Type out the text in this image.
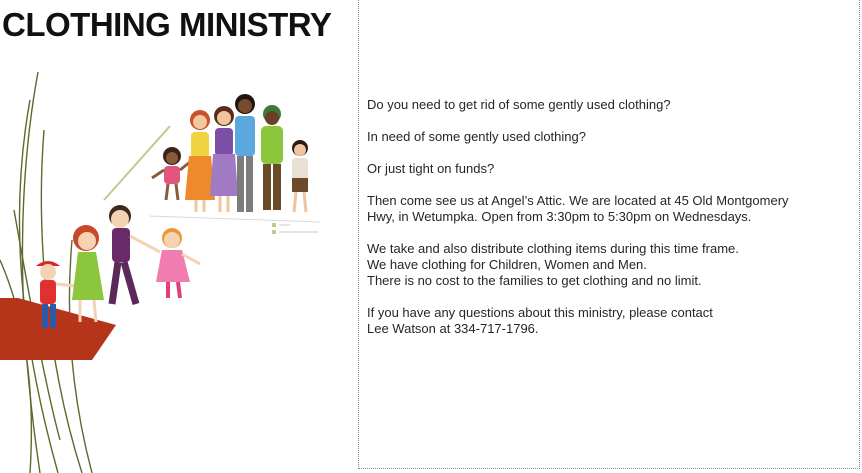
CLOTHING MINISTRY

Do you need to get rid of some gently used clothing?

In need of some gently used clothing?

Or just tight on funds?

Then come see us at Angel’s Attic. We are located at 45 Old Montgomery
Hwy, in Wetumpka. Open from 3:30pm to 5:30pm on Wednesdays.

We take and also distribute clothing items during this time frame.
We have clothing for Children, Women and Men.
There is no cost to the families to get clothing and no limit.

If you have any questions about this ministry, please contact
Lee Watson at 334-717-1796.
